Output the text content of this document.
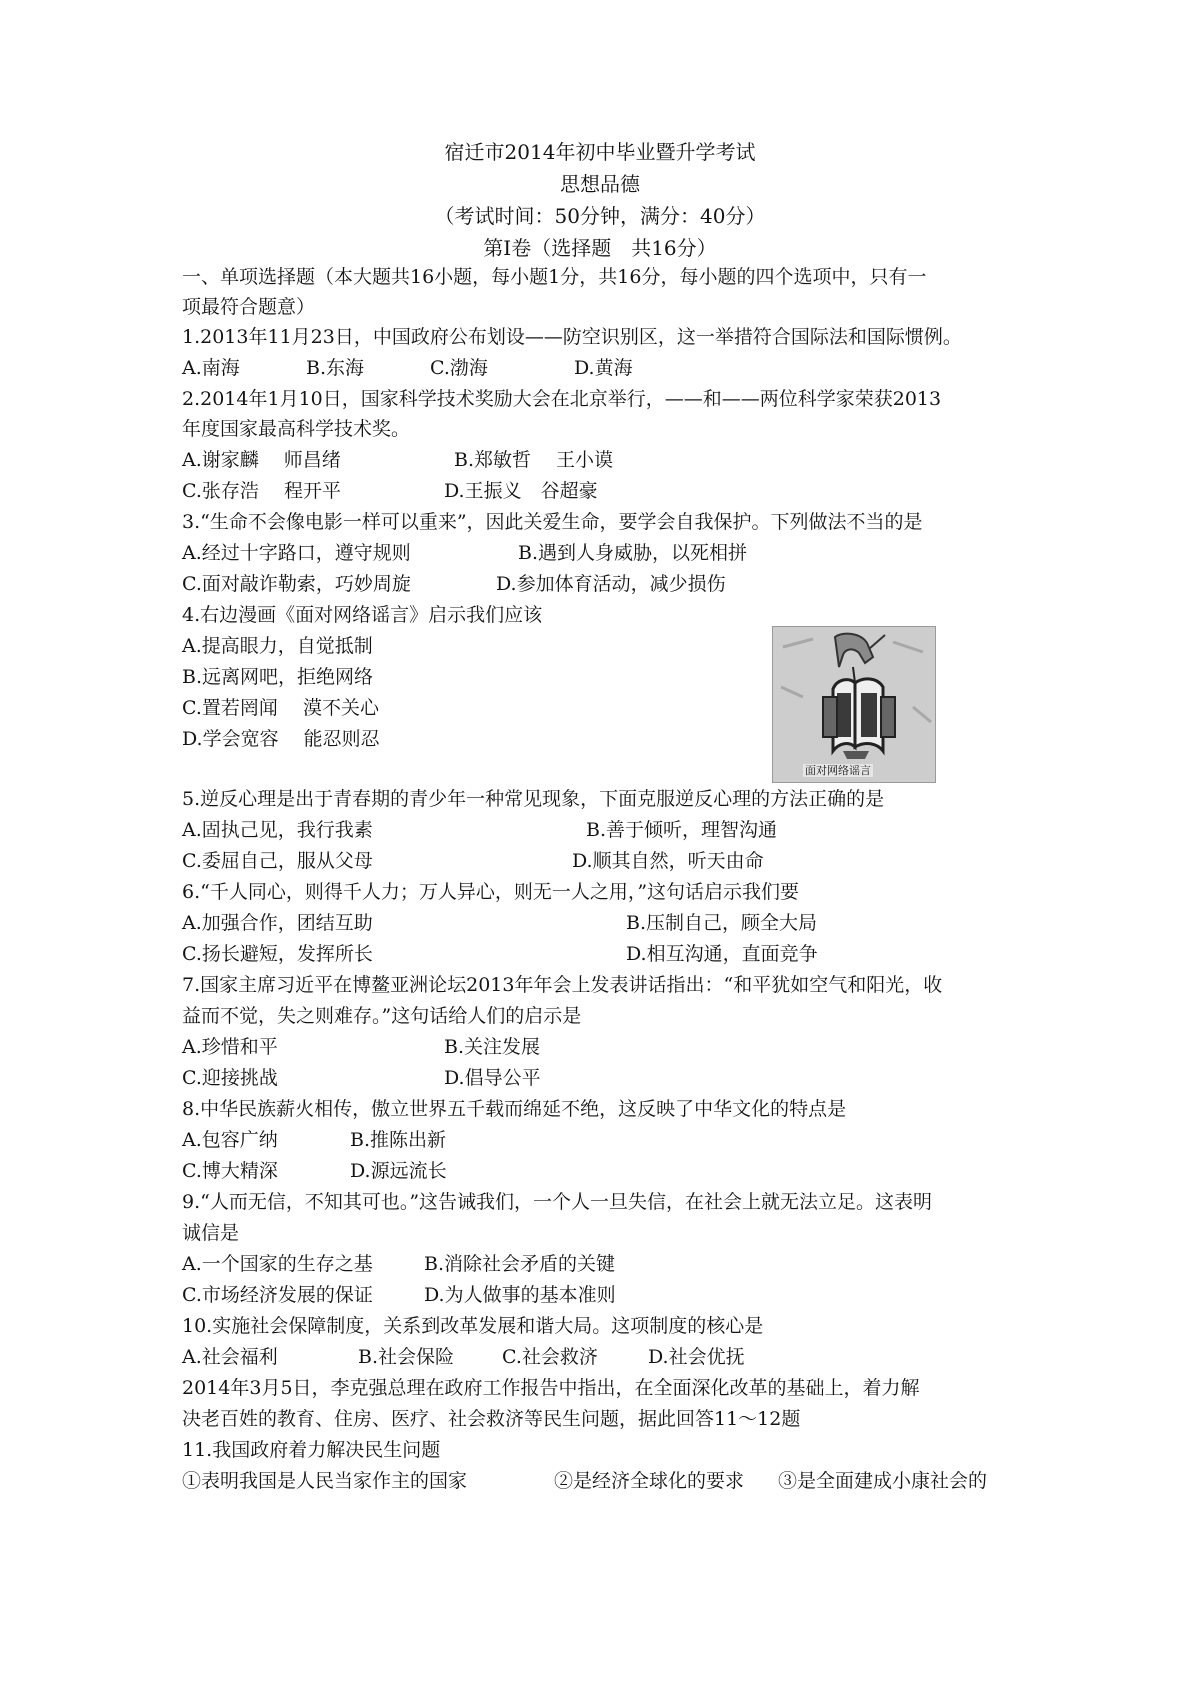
宿迁市2014年初中毕业暨升学考试
思想品德
（考试时间：50分钟，满分：40分）
第Ⅰ卷（选择题　共16分）
一、单项选择题（本大题共16小题，每小题1分，共16分，每小题的四个选项中，只有一
项最符合题意）
1.2013年11月23日，中国政府公布划设——防空识别区，这一举措符合国际法和国际惯例。
A.南海	B.东海	C.渤海	D.黄海
2.2014年1月10日，国家科学技术奖励大会在北京举行，——和——两位科学家荣获2013
年度国家最高科学技术奖。
A.谢家麟　 师昌绪	B.郑敏哲　 王小谟
C.张存浩　 程开平	D.王振义　谷超豪
3.“生命不会像电影一样可以重来”，因此关爱生命，要学会自我保护。下列做法不当的是
A.经过十字路口，遵守规则	B.遇到人身威胁，以死相拼
C.面对敲诈勒索，巧妙周旋	D.参加体育活动，减少损伤
4.右边漫画《面对网络谣言》启示我们应该
A.提高眼力，自觉抵制
B.远离网吧，拒绝网络
C.置若罔闻　 漠不关心
D.学会宽容　 能忍则忍
面对网络谣言
5.逆反心理是出于青春期的青少年一种常见现象，下面克服逆反心理的方法正确的是
A.固执己见，我行我素	B.善于倾听，理智沟通
C.委屈自己，服从父母	D.顺其自然，听天由命
6.“千人同心，则得千人力；万人异心，则无一人之用，”这句话启示我们要
A.加强合作，团结互助	B.压制自己，顾全大局
C.扬长避短，发挥所长	D.相互沟通，直面竞争
7.国家主席习近平在博鳌亚洲论坛2013年年会上发表讲话指出：“和平犹如空气和阳光，收
益而不觉，失之则难存。”这句话给人们的启示是
A.珍惜和平	B.关注发展
C.迎接挑战	D.倡导公平
8.中华民族薪火相传，傲立世界五千载而绵延不绝，这反映了中华文化的特点是
A.包容广纳	B.推陈出新
C.博大精深	D.源远流长
9.“人而无信，不知其可也。”这告诫我们，一个人一旦失信，在社会上就无法立足。这表明
诚信是
A.一个国家的生存之基	B.消除社会矛盾的关键
C.市场经济发展的保证	D.为人做事的基本准则
10.实施社会保障制度，关系到改革发展和谐大局。这项制度的核心是
A.社会福利	B.社会保险	C.社会救济	D.社会优抚
2014年3月5日，李克强总理在政府工作报告中指出，在全面深化改革的基础上，着力解
决老百姓的教育、住房、医疗、社会救济等民生问题，据此回答11～12题
11.我国政府着力解决民生问题
①表明我国是人民当家作主的国家	②是经济全球化的要求 ③是全面建成小康社会的
